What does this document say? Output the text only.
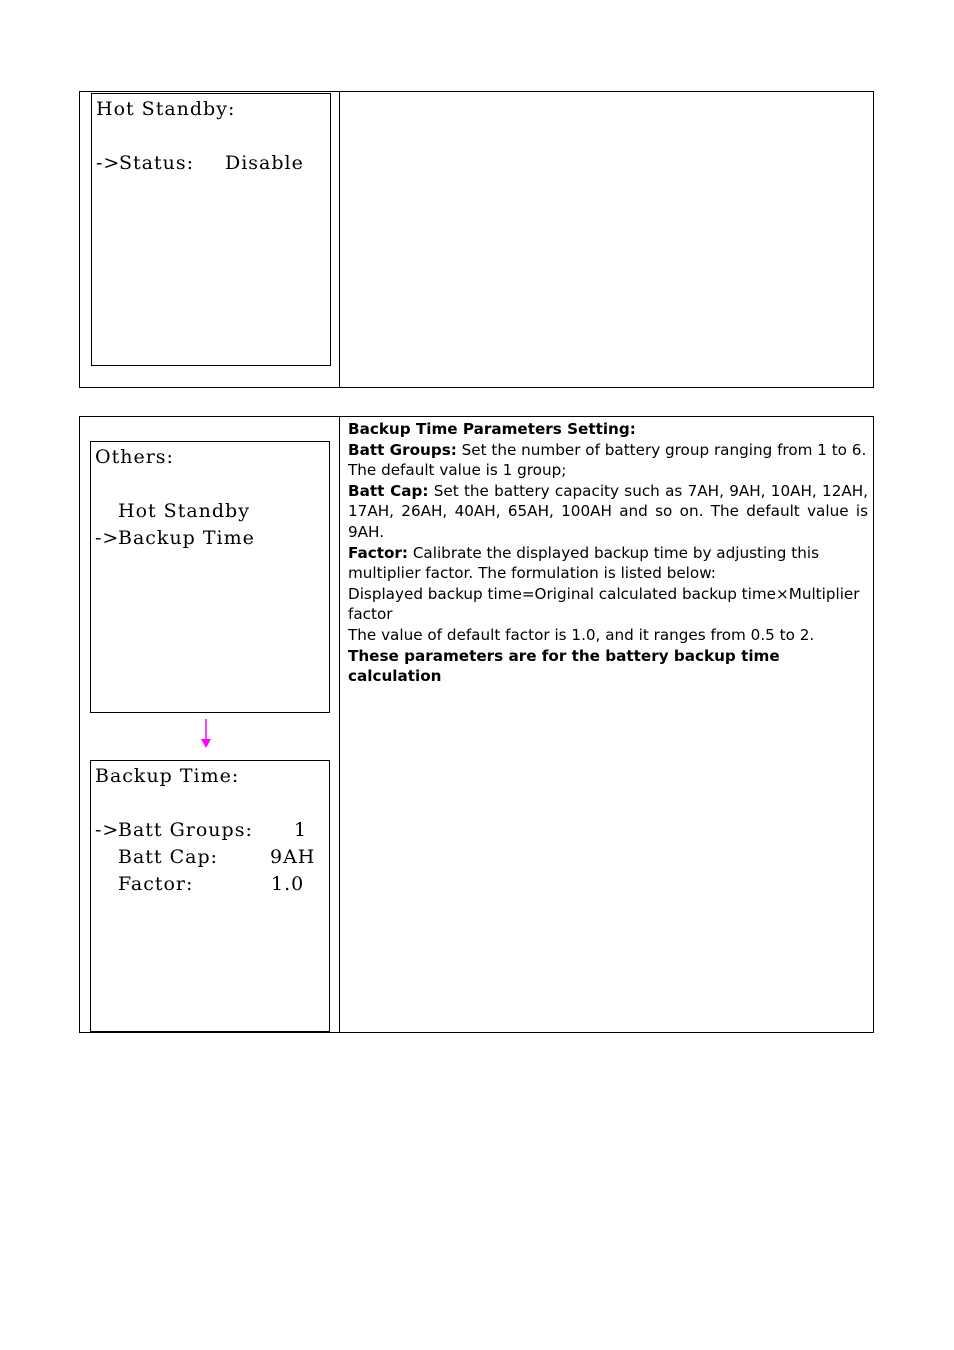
Hot Standby:
->
Status: Disable
Others:
Hot Standby
->
Backup Time
Backup Time:
->
Batt Groups: 1
Batt Cap:	9AH
Factor:	1.0

Backup Time Parameters Setting:

Batt Groups: Set the number of battery group ranging from 1 to 6. The default value is 1 group;

Batt Cap: Set the battery capacity such as 7AH, 9AH, 10AH, 12AH, 17AH, 26AH, 40AH, 65AH, 100AH and so on. The default value is 9AH.

Factor: Calibrate the displayed backup time by adjusting this multiplier factor. The formulation is listed below:

Displayed backup time=Original calculated backup time×Multiplier factor

The value of default factor is 1.0, and it ranges from 0.5 to 2.

These parameters are for the battery backup time calculation
